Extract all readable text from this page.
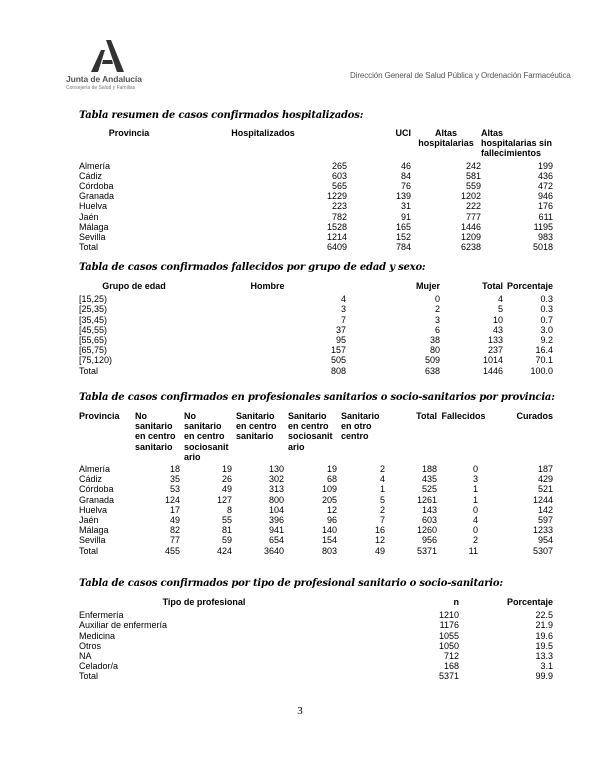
Junta de Andalucía
Consejería de Salud y Familias
Dirección General de Salud Pública y Ordenación Farmacéutica
Tabla resumen de casos confirmados hospitalizados:
Provincia	Hospitalizados	UCI	Altas hospitalarias	Altas hospitalarias sin fallecimientos
Almería	265	46	242	199
Cádiz	603	84	581	436
Córdoba	565	76	559	472
Granada	1229	139	1202	946
Huelva	223	31	222	176
Jaén	782	91	777	611
Málaga	1528	165	1446	1195
Sevilla	1214	152	1209	983
Total	6409	784	6238	5018
Tabla de casos confirmados fallecidos por grupo de edad y sexo:
Grupo de edad	Hombre	Mujer	Total	Porcentaje
[15,25)	4	0	4	0.3
[25,35)	3	2	5	0.3
[35,45)	7	3	10	0.7
[45,55)	37	6	43	3.0
[55,65)	95	38	133	9.2
[65,75)	157	80	237	16.4
[75,120)	505	509	1014	70.1
Total	808	638	1446	100.0
Tabla de casos confirmados en profesionales sanitarios o socio-sanitarios por provincia:
Provincia	No sanitario en centro sanitario	No sanitario en centro sociosanit ario	Sanitario en centro sanitario	Sanitario en centro sociosanit ario	Sanitario en otro centro	Total	Fallecidos	Curados
Almería	18	19	130	19	2	188	0	187
Cádiz	35	26	302	68	4	435	3	429
Córdoba	53	49	313	109	1	525	1	521
Granada	124	127	800	205	5	1261	1	1244
Huelva	17	8	104	12	2	143	0	142
Jaén	49	55	396	96	7	603	4	597
Málaga	82	81	941	140	16	1260	0	1233
Sevilla	77	59	654	154	12	956	2	954
Total	455	424	3640	803	49	5371	11	5307
Tabla de casos confirmados por tipo de profesional sanitario o socio-sanitario:
Tipo de profesional	n	Porcentaje
Enfermería	1210	22.5
Auxiliar de enfermería	1176	21.9
Medicina	1055	19.6
Otros	1050	19.5
NA	712	13.3
Celador/a	168	3.1
Total	5371	99.9
3
